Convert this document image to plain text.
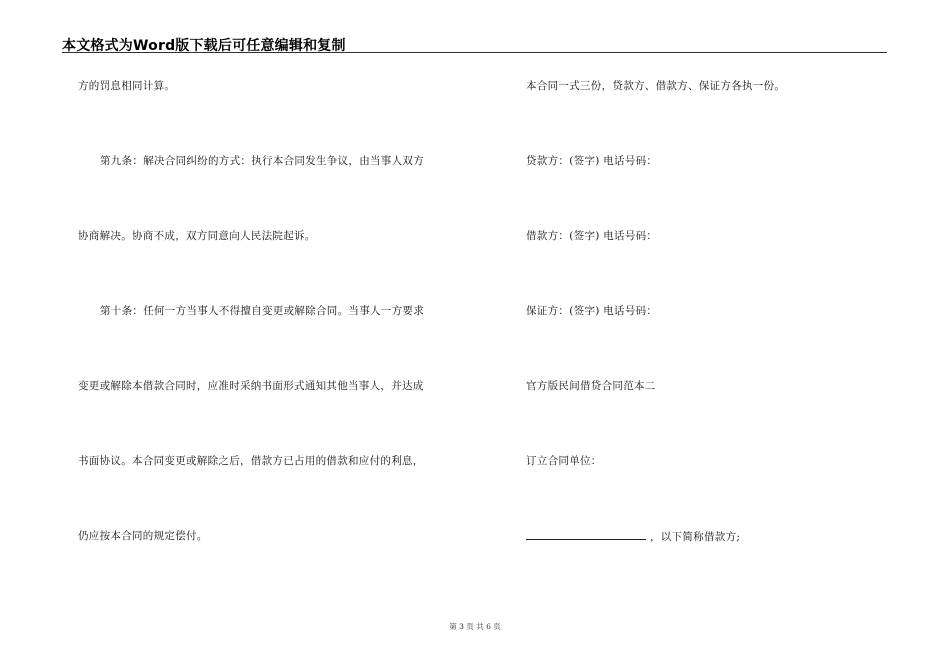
本文格式为Word版下载后可任意编辑和复制
方的罚息相同计算。
第九条：解决合同纠纷的方式：执行本合同发生争议，由当事人双方
协商解决。协商不成，双方同意向人民法院起诉。
第十条：任何一方当事人不得擅自变更或解除合同。当事人一方要求
变更或解除本借款合同时，应准时采纳书面形式通知其他当事人，并达成
书面协议。本合同变更或解除之后，借款方已占用的借款和应付的利息，
仍应按本合同的规定偿付。
本合同一式三份，贷款方、借款方、保证方各执一份。
贷款方：(签字) 电话号码：
借款方：(签字) 电话号码：
保证方：(签字) 电话号码：
官方版民间借贷合同范本二
订立合同单位：
，以下简称借款方;
第 3 页 共 6 页
